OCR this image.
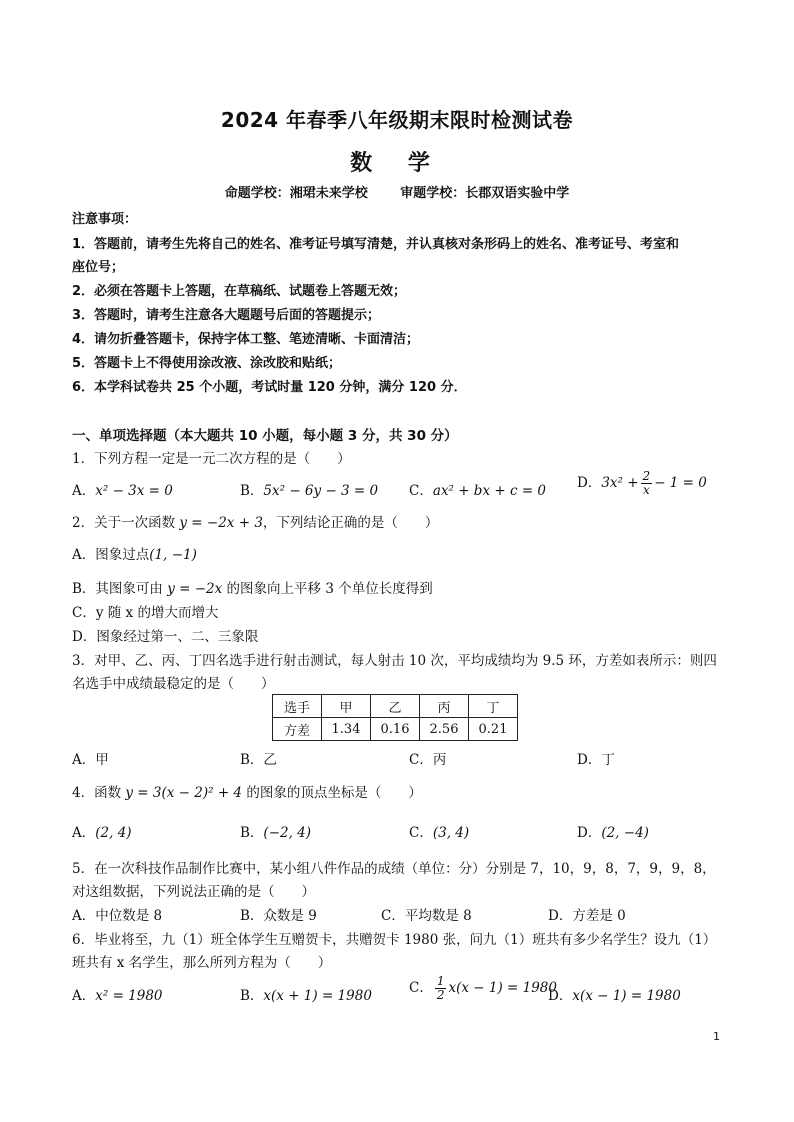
2024 年春季八年级期末限时检测试卷
数 学
命题学校：湘珺未来学校	审题学校：长郡双语实验中学
注意事项：
1．答题前，请考生先将自己的姓名、准考证号填写清楚，并认真核对条形码上的姓名、准考证号、考室和
座位号；
2．必须在答题卡上答题，在草稿纸、试题卷上答题无效；
3．答题时，请考生注意各大题题号后面的答题提示；
4．请勿折叠答题卡，保持字体工整、笔迹清晰、卡面清洁；
5．答题卡上不得使用涂改液、涂改胶和贴纸；
6．本学科试卷共 25 个小题，考试时量 120 分钟，满分 120 分．
一、单项选择题（本大题共 10 小题，每小题 3 分，共 30 分）
1．下列方程一定是一元二次方程的是（　　）
A．x² − 3x = 0	B．5x² − 6y − 3 = 0 C．ax² + bx + c = 0 D．$3x^2 + \frac{2}{x} - 1 = 0$
2．关于一次函数 y = −2x + 3，下列结论正确的是（　　）
A．图象过点(1, −1)
B．其图象可由 y = −2x 的图象向上平移 3 个单位长度得到
C．y 随 x 的增大而增大
D．图象经过第一、二、三象限
3．对甲、乙、丙、丁四名选手进行射击测试，每人射击 10 次，平均成绩均为 9.5 环，方差如表所示：则四
名选手中成绩最稳定的是（　　）
选手	甲	乙	丙	丁
方差	1.34	0.16	2.56	0.21
A．甲	B．乙	C．丙	D．丁
4．函数 y = 3(x − 2)² + 4 的图象的顶点坐标是（　　）
A．(2, 4)	B．(−2, 4)	C．(3, 4)	D．(2, −4)
5．在一次科技作品制作比赛中，某小组八件作品的成绩（单位：分）分别是 7，10，9，8，7，9，9，8，
对这组数据，下列说法正确的是（　　）
A．中位数是 8	B．众数是 9	C．平均数是 8	D．方差是 0
6．毕业将至，九（1）班全体学生互赠贺卡，共赠贺卡 1980 张，问九（1）班共有多少名学生？设九（1）
班共有 x 名学生，那么所列方程为（　　）
A．x² = 1980	B．x(x + 1) = 1980	C． $\frac{1}{2} x(x - 1) = 1980$
D．x(x − 1) = 1980
1
